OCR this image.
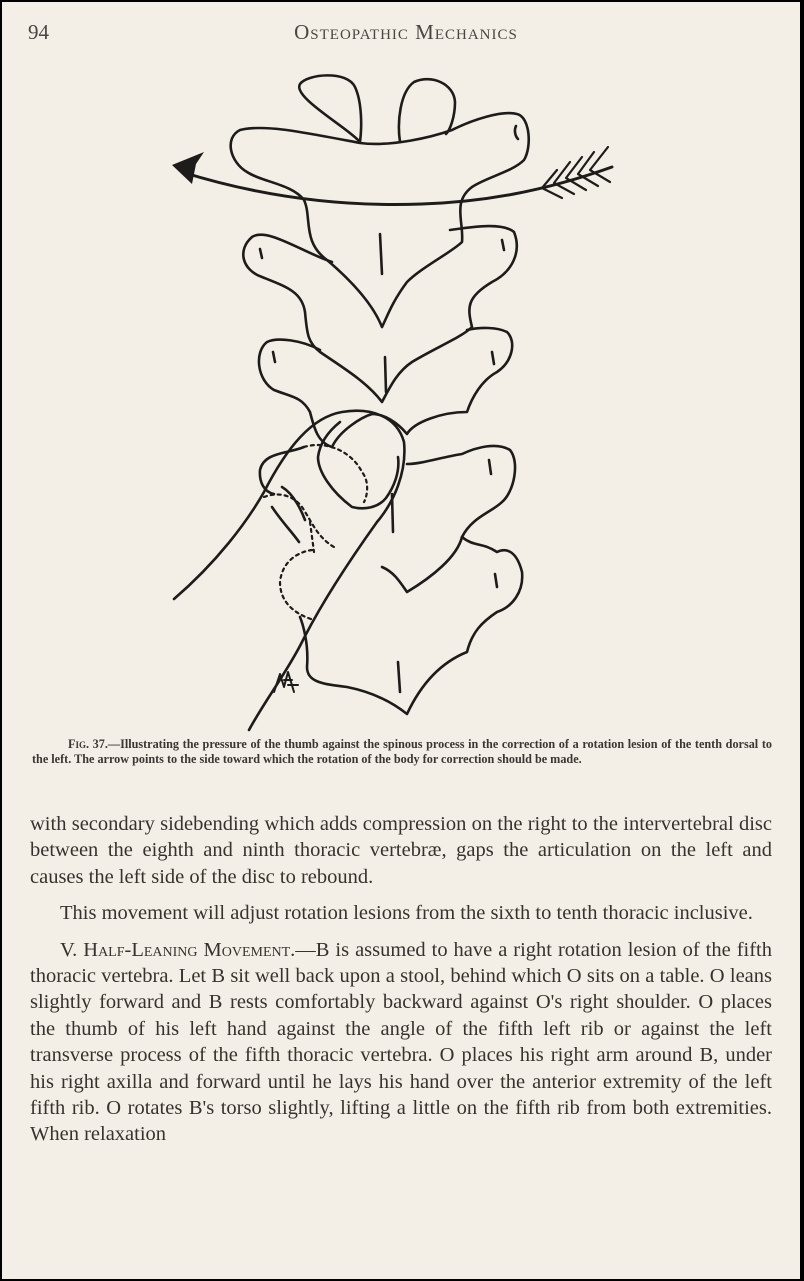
94	Osteopathic Mechanics
Fig. 37.—Illustrating the pressure of the thumb against the spinous process in the correction of a rotation lesion of the tenth dorsal to the left. The arrow points to the side toward which the rotation of the body for correction should be made.

with secondary sidebending which adds compression on the right to the intervertebral disc between the eighth and ninth thoracic vertebræ, gaps the articulation on the left and causes the left side of the disc to rebound.

This movement will adjust rotation lesions from the sixth to tenth thoracic inclusive.

V. Half-Leaning Movement.—B is assumed to have a right rotation lesion of the fifth thoracic vertebra. Let B sit well back upon a stool, behind which O sits on a table. O leans slightly forward and B rests comfortably backward against O's right shoulder. O places the thumb of his left hand against the angle of the fifth left rib or against the left transverse process of the fifth thoracic vertebra. O places his right arm around B, under his right axilla and forward until he lays his hand over the anterior extremity of the left fifth rib. O rotates B's torso slightly, lifting a little on the fifth rib from both extremities. When relaxation
